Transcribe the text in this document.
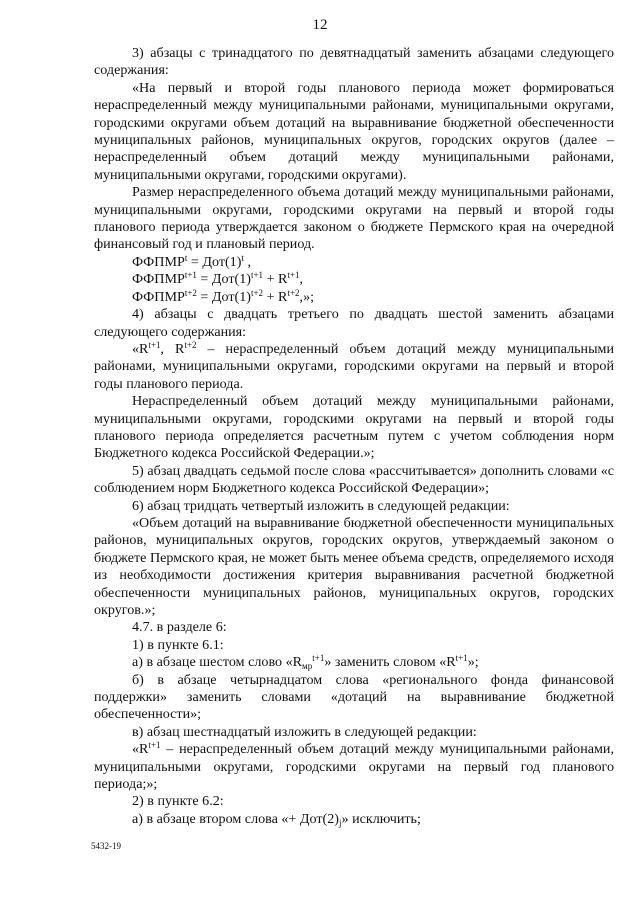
12

3) абзацы с тринадцатого по девятнадцатый заменить абзацами следующего содержания:

«На первый и второй годы планового периода может формироваться нераспределенный между муниципальными районами, муниципальными округами, городскими округами объем дотаций на выравнивание бюджетной обеспеченности муниципальных районов, муниципальных округов, городских округов (далее – нераспределенный объем дотаций между муниципальными районами, муниципальными округами, городскими округами).

Размер нераспределенного объема дотаций между муниципальными районами, муниципальными округами, городскими округами на первый и второй годы планового периода утверждается законом о бюджете Пермского края на очередной финансовый год и плановый период.

$ФФПМР^t = Дот(1)^t$ ,
$ФФПМР^{t+1} = Дот(1)^{t+1} + R^{t+1}$,
$ФФПМР^{t+2} = Дот(1)^{t+2} + R^{t+2}$,»;

4) абзацы с двадцать третьего по двадцать шестой заменить абзацами следующего содержания:

«$R^{t+1}$, $R^{t+2}$ – нераспределенный объем дотаций между муниципальными районами, муниципальными округами, городскими округами на первый и второй годы планового периода.

Нераспределенный объем дотаций между муниципальными районами, муниципальными округами, городскими округами на первый и второй годы планового периода определяется расчетным путем с учетом соблюдения норм Бюджетного кодекса Российской Федерации.»;

5) абзац двадцать седьмой после слова «рассчитывается» дополнить словами «с соблюдением норм Бюджетного кодекса Российской Федерации»;

6) абзац тридцать четвертый изложить в следующей редакции:

«Объем дотаций на выравнивание бюджетной обеспеченности муниципальных районов, муниципальных округов, городских округов, утверждаемый законом о бюджете Пермского края, не может быть менее объема средств, определяемого исходя из необходимости достижения критерия выравнивания расчетной бюджетной обеспеченности муниципальных районов, муниципальных округов, городских округов.»;

4.7. в разделе 6:

1) в пункте 6.1:

а) в абзаце шестом слово «$R_{мр}^{t+1}$» заменить словом «$R^{t+1}$»;

б) в абзаце четырнадцатом слова «регионального фонда финансовой поддержки» заменить словами «дотаций на выравнивание бюджетной обеспеченности»;

в) абзац шестнадцатый изложить в следующей редакции:

«$R^{t+1}$ – нераспределенный объем дотаций между муниципальными районами, муниципальными округами, городскими округами на первый год планового периода;»;

2) в пункте 6.2:

а) в абзаце втором слова «+ $Дот(2)_j$» исключить;

5432-19
